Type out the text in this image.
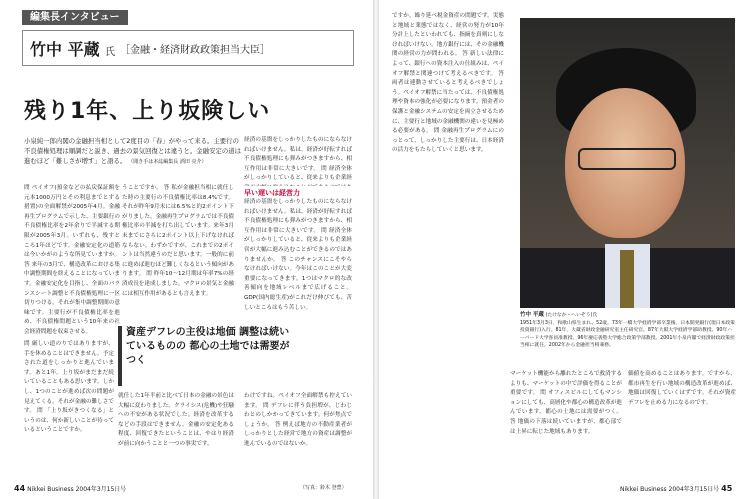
編集長インタビュー
竹中 平蔵 氏 ［金融・経済財政政策担当大臣］
残り1年、上り坂険しい
小泉純一郎内閣の金融担当相として2度目の「春」がやって来る。主要行の不良債権処理は順調だと説き、過去の景気回復とは違うと。金融安定の道は進むほど「難しさが増す」と語る。 （聞き手は本誌編集長 酒田 亮介）
問 ペイオフ(預金などの払戻保証額を元本1000万円とその利息までとする措置)の全面解禁が2005年4月。金融再生プログラムで示した、主要銀行の不良債権比率を2年余りで半減する期限が2005年3月。いずれも、残すところ1年ほどです。金融安定化の道筋は今いかがのような所見ていますか。 答 来年の3月で、構造改革における集中調整期間を終えることになっています。金融安定化を目指し、全面のバランスシート調整と不良債権処理に一区切りつける。それが集中調整期間の意味です。主要行が不良債権比率を進め、不良債権問題という10年来の社会経済問題を収束させる。
問 厳しい道のりではありますが、手を休めることはできません。予定された道をしっかりと進んでいます。あと1年。上り坂がまだまだ続いていることもある思います。しかし、1つのことが進めば次の問題が見えてくる。それが金融の難しさです。 問 「上り坂がきつくなる」というのは、何か新しいことが待っているということですか。
うことですか。 答 私が金融担当相に就任した時の主要行の不良債権比率は8.4%です。それが昨年9月末には6.5%と約2ポイント下がりました。金融再生プログラムでは不良債権比率の半減を打ち出しています。来年3月末までにさらに2ポイント以上下げなければならない。わずかですが、これまでの2ポイントは当然違うのだと思います。一般的に前に進めば進むほど難しくなるという傾向があります。 問 昨年10〜12月期は年率7%の経済成長を達成しました。マクロの景気と金融には相互作用があるとも言えます。
就任した1年半前と比べて日本の金融の景色は大幅に変わりました。クライシス(危機)や狂騒への不安がある状況でした。経済を改革するなどの手段はできません。金融の安定化ある程度、回復できたということは、やはり経済が前に向かうことと一つの事実です。
経済の基盤をしっかりしたものにならなければいけません。私は、経済が好転すれば不良債権処理にも弾みがつきますから、相互作用は非常に大きいです。 問 経済全体がしっかりしていると、従来よりも企業経
早い遅いは経営力
経済の基盤をしっかりしたものにならなければいけません。私は、経済が好転すれば不良債権処理にも弾みがつきますから、相互作用は非常に大きいです。 問 経済全体がしっかりしていると、従来よりも企業経営が大幅に進み込むことができるのではありませんか。 答 このチャンスにこそやらなければいけない。今年はこのことが大変重要になってきます。1つはマクロ的な改善傾向を地域レベルまで広げること。GDP(国内総生産)がこれだけ伸びても、苦しいところはもう苦しい。
わけですね。ペイオフ全面解禁も控えています。 問 デフレに伴う負担増が、じわじわとのしかかってきています。何が焦点でしょうか。 答 例えば地方の不動産業者がしっかりとした経営で地方の資産は調整が進んでいるのではないか。
資産デフレの主役は地価 調整は続いているものの 都心の土地では需要がつく
ですか。繰り延べ税金資産の問題です。実態と地域と業態ではなく、経営の努力が10年分計上したといわれても、指摘を真剣にしなければいけない。地方銀行には、その金融機関の経営の力が問われる。 答 新しい法律によって、銀行への資本注入の仕組みは、ペイオフ解禁と関連つけて考えるべきです。 答 両者は連動させていると考えるべきでしょう。ペイオフ解禁に当たっては、不良債権処理や資本の強化が必要になります。預金者の保護と金融システムの安定を両立させるために、主要行と地域の金融機関の違いを見極める必要がある。 問 金融再生プログラムにのっとって、しっかりした主要行は、日本経済の活力をもたらしていくと思います。
竹中 平蔵 (たけなか・へいぞう)氏
1951年3月3日、和歌山県生まれ。52歳。73年一橋大学経済学部卒業後、日本開発銀行(現日本政策投資銀行)入行。81年、大蔵省財政金融研究室主任研究官。87年大阪大学経済学部助教授。90年ハーバード大学客員准教授、96年慶応義塾大学総合政策学部教授。2001年小泉内閣で経済財政政策担当相に就任。2002年から金融担当相兼務。
マーケット機能から離れたところで救済するよりも、マーケットの中で評価を得ることが重要です。 問 オフィスビルにしてもマンションにしても、高層化や都心の構造改革が進んでいます。都心の土地には需要がつく。 答 地価の下落は続いていますが、都心部では上昇に転じた地域もあります。
価値を高めることはあります。ですから、都市再生を行い地域の構造改革が進めば、地価は回復していくはずです。それが資産デフレを止める力になるのです。
44 Nikkei Business 2004年3月15日号	（写真：鈴木 登豊）	Nikkei Business 2004年3月15日号 45
